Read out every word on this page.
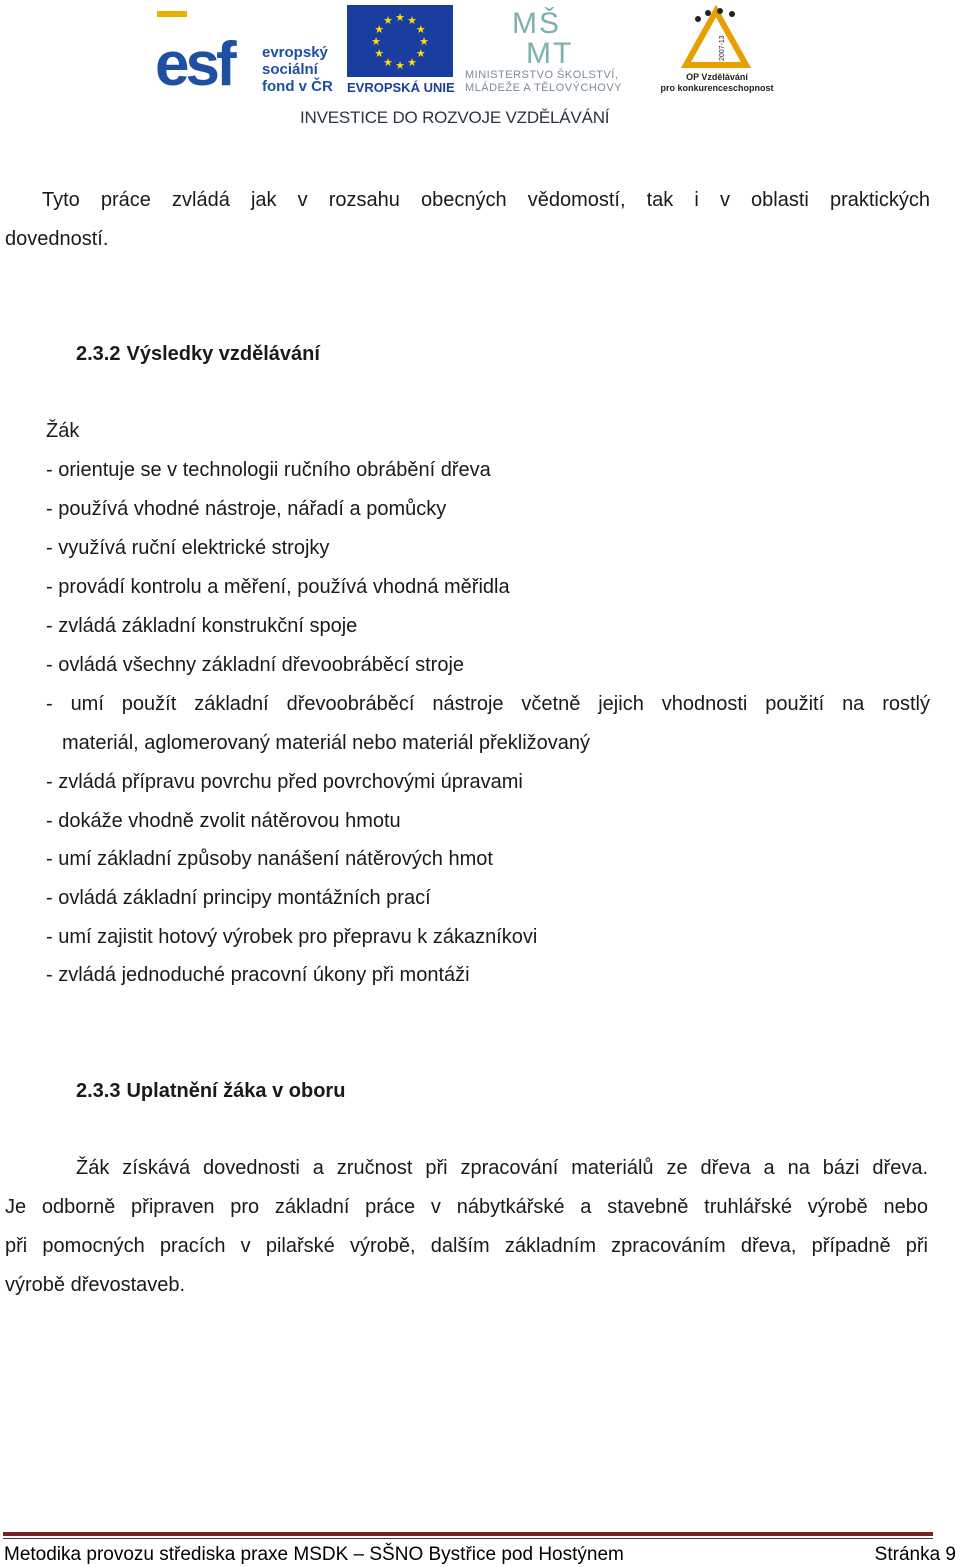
esf evropský
sociální
fond v ČR
★
★
★
★
★
★
★
★
★ ★ ★
★
EVROPSKÁ UNIE
MŠ
MT
MINISTERSTVO ŠKOLSTVÍ,
MLÁDEŽE A TĚLOVÝCHOVY
2007-13
OP Vzdělávání
pro konkurenceschopnost
INVESTICE DO ROZVOJE VZDĚLÁVÁNÍ
Tyto práce zvládá jak v rozsahu obecných vědomostí, tak i v oblasti praktických
dovedností.
2.3.2 Výsledky vzdělávání
Žák
- orientuje se v technologii ručního obrábění dřeva
- používá vhodné nástroje, nářadí a pomůcky
- využívá ruční elektrické strojky
- provádí kontrolu a měření, používá vhodná měřidla
- zvládá základní konstrukční spoje
- ovládá všechny základní dřevoobráběcí stroje
- umí použít základní dřevoobráběcí nástroje včetně jejich vhodnosti použití na rostlý
materiál, aglomerovaný materiál nebo materiál překližovaný
- zvládá přípravu povrchu před povrchovými úpravami
- dokáže vhodně zvolit nátěrovou hmotu
- umí základní způsoby nanášení nátěrových hmot
- ovládá základní principy montážních prací
- umí zajistit hotový výrobek pro přepravu k zákazníkovi
- zvládá jednoduché pracovní úkony při montáži
2.3.3 Uplatnění žáka v oboru
Žák získává dovednosti a zručnost při zpracování materiálů ze dřeva a na bázi dřeva.
Je odborně připraven pro základní práce v nábytkářské a stavebně truhlářské výrobě nebo
při pomocných pracích v pilařské výrobě, dalším základním zpracováním dřeva, případně při
výrobě dřevostaveb.
Metodika provozu střediska praxe MSDK – SŠNO Bystřice pod Hostýnem	Stránka 9
